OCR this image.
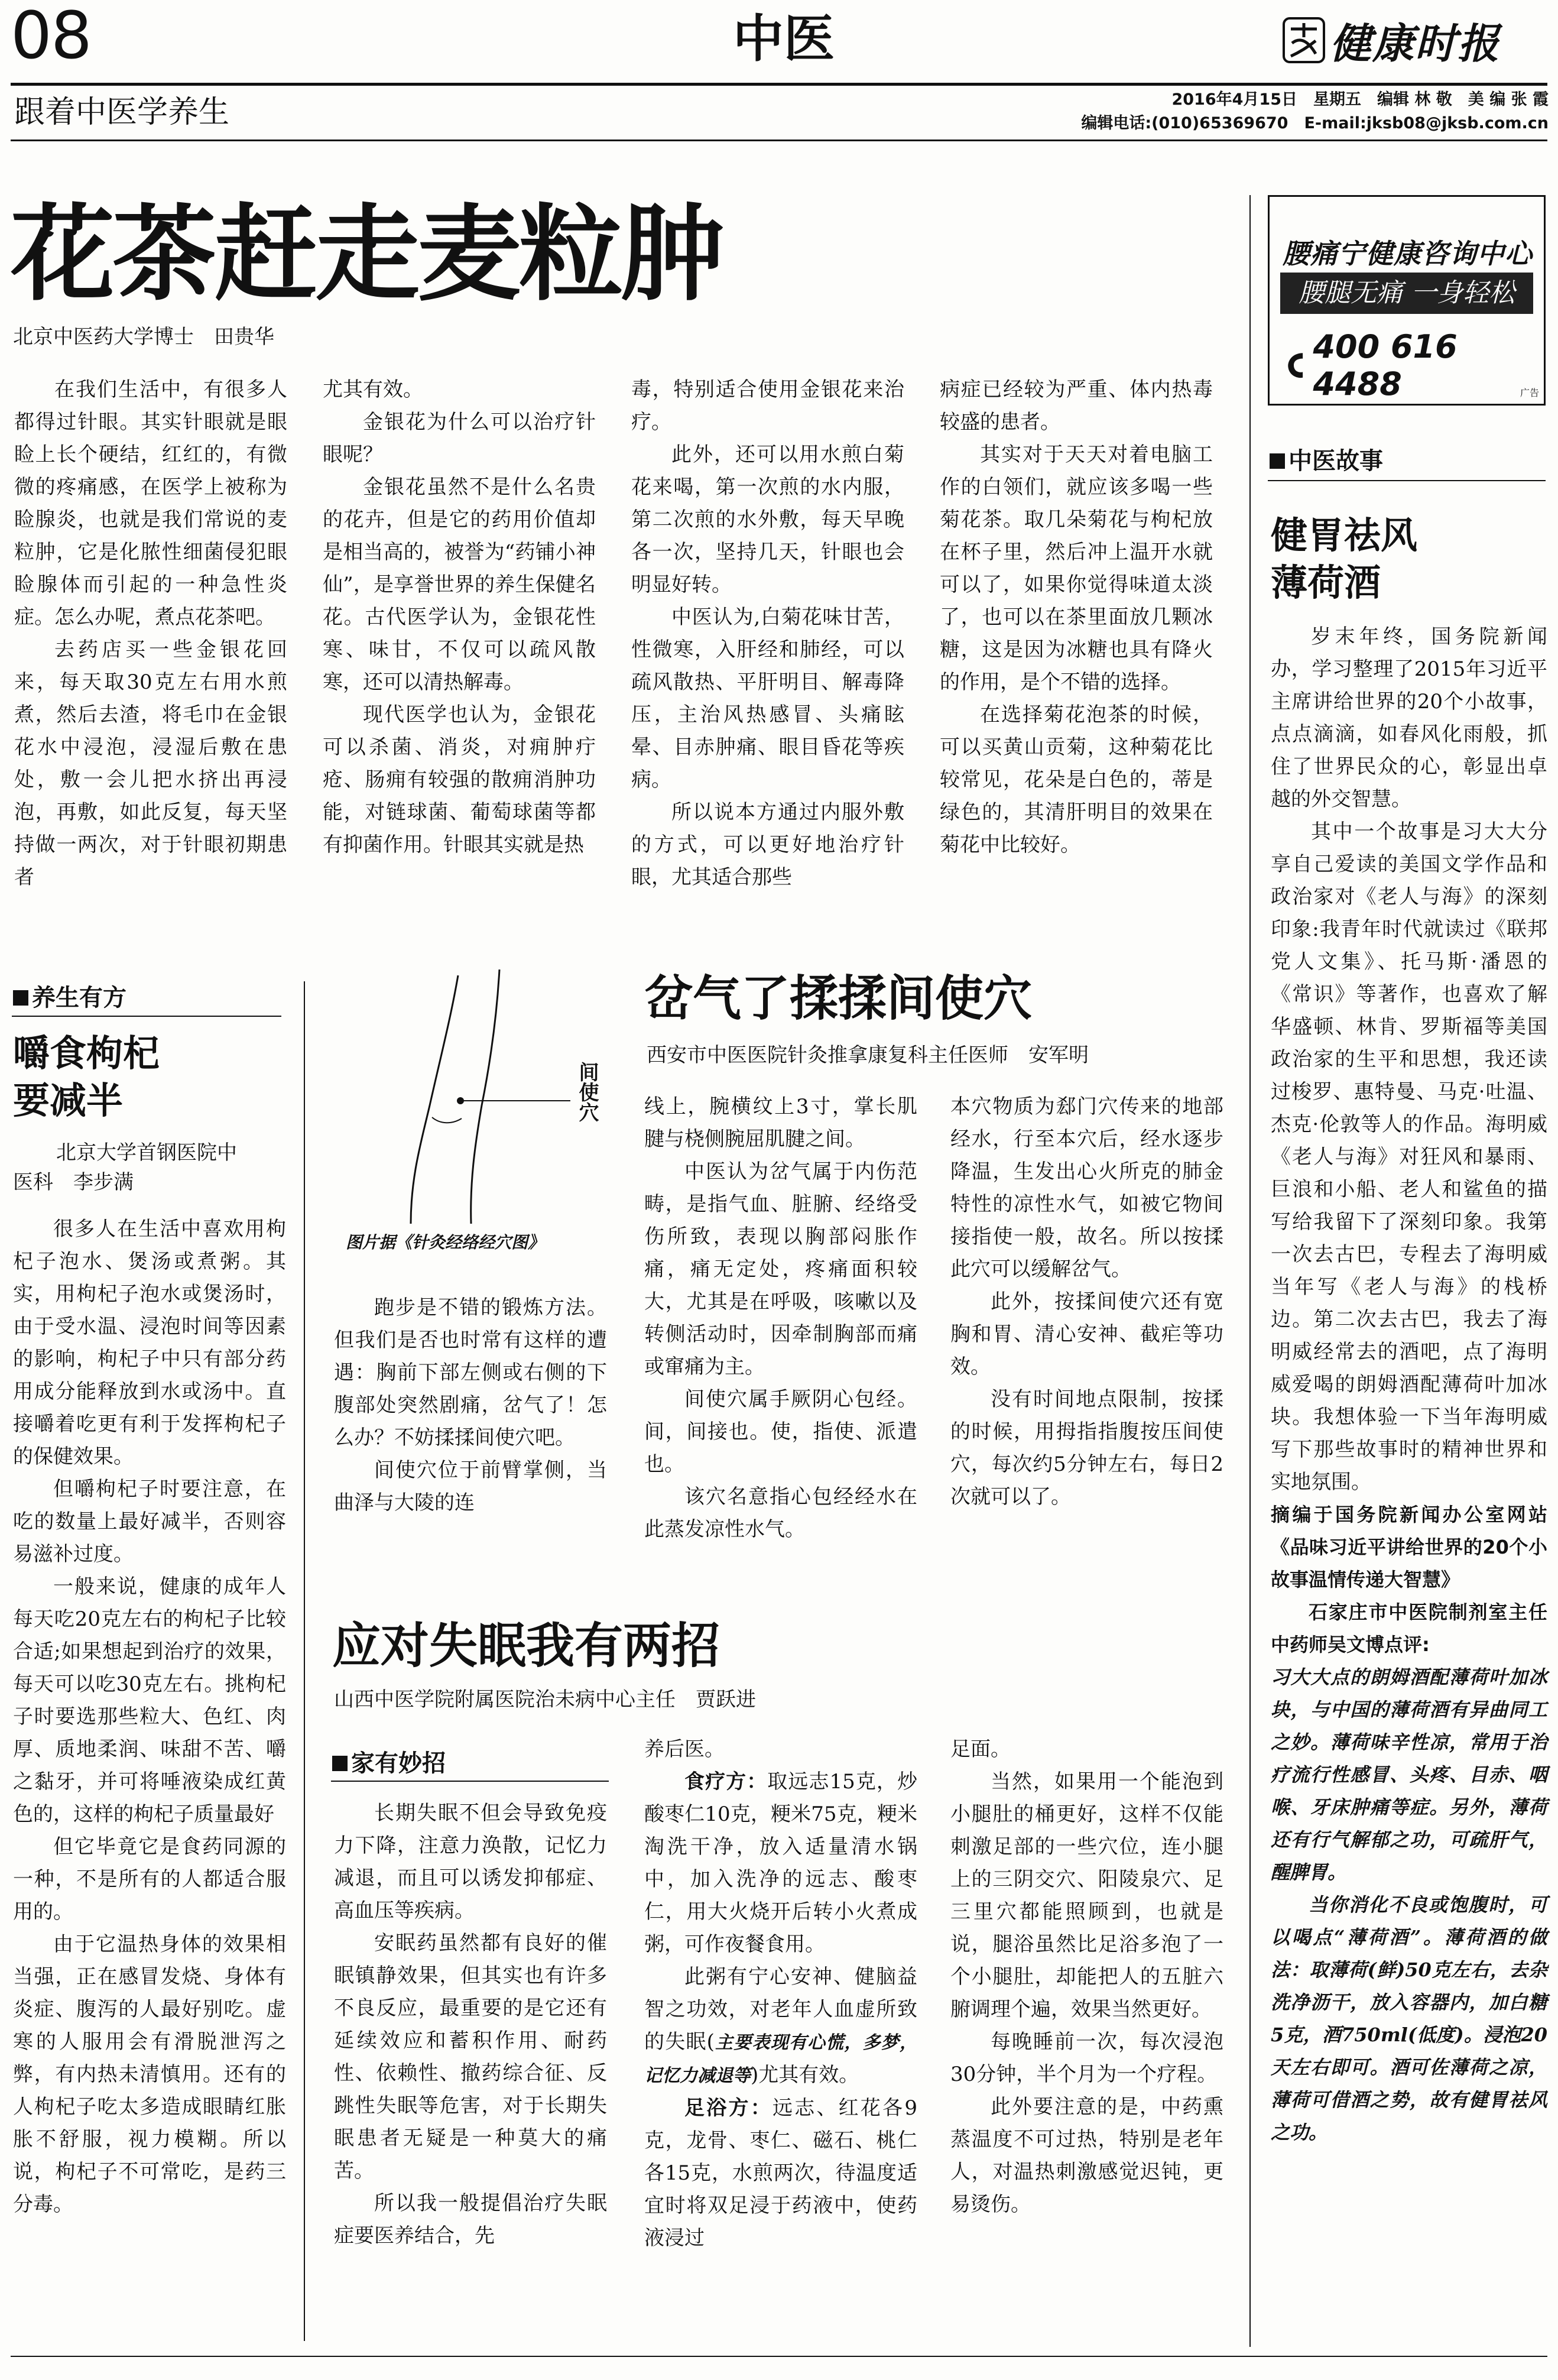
08	中医	健康时报
跟着中医学养生	2016年4月15日　星期五　编辑 林 敬　美 编 张 霞
编辑电话:(010)65369670　E-mail:jksb08@jksb.com.cn
花茶赶走麦粒肿
北京中医药大学博士　田贵华

在我们生活中，有很多人都得过针眼。其实针眼就是眼睑上长个硬结，红红的，有微微的疼痛感，在医学上被称为睑腺炎，也就是我们常说的麦粒肿，它是化脓性细菌侵犯眼睑腺体而引起的一种急性炎症。怎么办呢，煮点花茶吧。

去药店买一些金银花回来，每天取30克左右用水煎煮，然后去渣，将毛巾在金银花水中浸泡，浸湿后敷在患处，敷一会儿把水挤出再浸泡，再敷，如此反复，每天坚持做一两次，对于针眼初期患者

尤其有效。

金银花为什么可以治疗针眼呢？

金银花虽然不是什么名贵的花卉，但是它的药用价值却是相当高的，被誉为“药铺小神仙”，是享誉世界的养生保健名花。古代医学认为，金银花性寒、味甘，不仅可以疏风散寒，还可以清热解毒。

现代医学也认为，金银花可以杀菌、消炎，对痈肿疔疮、肠痈有较强的散痈消肿功能，对链球菌、葡萄球菌等都有抑菌作用。针眼其实就是热

毒，特别适合使用金银花来治疗。

此外，还可以用水煎白菊花来喝，第一次煎的水内服，第二次煎的水外敷，每天早晚各一次，坚持几天，针眼也会明显好转。

中医认为,白菊花味甘苦，性微寒，入肝经和肺经，可以疏风散热、平肝明目、解毒降压，主治风热感冒、头痛眩晕、目赤肿痛、眼目昏花等疾病。

所以说本方通过内服外敷的方式，可以更好地治疗针眼，尤其适合那些

病症已经较为严重、体内热毒较盛的患者。

其实对于天天对着电脑工作的白领们，就应该多喝一些菊花茶。取几朵菊花与枸杞放在杯子里，然后冲上温开水就可以了，如果你觉得味道太淡了，也可以在茶里面放几颗冰糖，这是因为冰糖也具有降火的作用，是个不错的选择。

在选择菊花泡茶的时候，可以买黄山贡菊，这种菊花比较常见，花朵是白色的，蒂是绿色的，其清肝明目的效果在菊花中比较好。

腰痛宁健康咨询中心
腰腿无痛 一身轻松
400 616 4488	广告
中医故事
健胃祛风
薄荷酒

岁末年终，国务院新闻办，学习整理了2015年习近平主席讲给世界的20个小故事，点点滴滴，如春风化雨般，抓住了世界民众的心，彰显出卓越的外交智慧。

其中一个故事是习大大分享自己爱读的美国文学作品和政治家对《老人与海》的深刻印象:我青年时代就读过《联邦党人文集》、托马斯·潘恩的《常识》等著作，也喜欢了解华盛顿、林肯、罗斯福等美国政治家的生平和思想，我还读过梭罗、惠特曼、马克·吐温、杰克·伦敦等人的作品。海明威《老人与海》对狂风和暴雨、巨浪和小船、老人和鲨鱼的描写给我留下了深刻印象。我第一次去古巴，专程去了海明威当年写《老人与海》的栈桥边。第二次去古巴，我去了海明威经常去的酒吧，点了海明威爱喝的朗姆酒配薄荷叶加冰块。我想体验一下当年海明威写下那些故事时的精神世界和实地氛围。

摘编于国务院新闻办公室网站《品味习近平讲给世界的20个小故事温情传递大智慧》

石家庄市中医院制剂室主任中药师吴文博点评:

习大大点的朗姆酒配薄荷叶加冰块，与中国的薄荷酒有异曲同工之妙。薄荷味辛性凉，常用于治疗流行性感冒、头疼、目赤、咽喉、牙床肿痛等症。另外，薄荷还有行气解郁之功，可疏肝气，醒脾胃。

当你消化不良或饱腹时，可以喝点“薄荷酒”。薄荷酒的做法：取薄荷(鲜)50克左右，去杂洗净沥干，放入容器内，加白糖5克，酒750ml(低度)。浸泡20天左右即可。酒可佐薄荷之凉，薄荷可借酒之势，故有健胃祛风之功。

养生有方
嚼食枸杞
要减半
北京大学首钢医院中
医科　李步满

很多人在生活中喜欢用枸杞子泡水、煲汤或煮粥。其实，用枸杞子泡水或煲汤时，由于受水温、浸泡时间等因素的影响，枸杞子中只有部分药用成分能释放到水或汤中。直接嚼着吃更有利于发挥枸杞子的保健效果。

但嚼枸杞子时要注意，在吃的数量上最好减半，否则容易滋补过度。

一般来说，健康的成年人每天吃20克左右的枸杞子比较合适;如果想起到治疗的效果，每天可以吃30克左右。挑枸杞子时要选那些粒大、色红、肉厚、质地柔润、味甜不苦、嚼之黏牙，并可将唾液染成红黄色的，这样的枸杞子质量最好

但它毕竟它是食药同源的一种，不是所有的人都适合服用的。

由于它温热身体的效果相当强，正在感冒发烧、身体有炎症、腹泻的人最好别吃。虚寒的人服用会有滑脱泄泻之弊，有内热未清慎用。还有的人枸杞子吃太多造成眼睛红胀胀不舒服，视力模糊。所以说，枸杞子不可常吃，是药三分毒。

间使穴
图片据《针灸经络经穴图》
岔气了揉揉间使穴
西安市中医医院针灸推拿康复科主任医师　安军明

跑步是不错的锻炼方法。但我们是否也时常有这样的遭遇：胸前下部左侧或右侧的下腹部处突然剧痛，岔气了！怎么办？不妨揉揉间使穴吧。

间使穴位于前臂掌侧，当曲泽与大陵的连

线上，腕横纹上3寸，掌长肌腱与桡侧腕屈肌腱之间。

中医认为岔气属于内伤范畴，是指气血、脏腑、经络受伤所致，表现以胸部闷胀作痛，痛无定处，疼痛面积较大，尤其是在呼吸，咳嗽以及转侧活动时，因牵制胸部而痛或窜痛为主。

间使穴属手厥阴心包经。间，间接也。使，指使、派遣也。

该穴名意指心包经经水在此蒸发凉性水气。

本穴物质为郄门穴传来的地部经水，行至本穴后，经水逐步降温，生发出心火所克的肺金特性的凉性水气，如被它物间接指使一般，故名。所以按揉此穴可以缓解岔气。

此外，按揉间使穴还有宽胸和胃、清心安神、截疟等功效。

没有时间地点限制，按揉的时候，用拇指指腹按压间使穴，每次约5分钟左右，每日2次就可以了。

应对失眠我有两招
山西中医学院附属医院治未病中心主任　贾跃进
家有妙招

长期失眠不但会导致免疫力下降，注意力涣散，记忆力减退，而且可以诱发抑郁症、高血压等疾病。

安眠药虽然都有良好的催眠镇静效果，但其实也有许多不良反应，最重要的是它还有延续效应和蓄积作用、耐药性、依赖性、撤药综合征、反跳性失眠等危害，对于长期失眠患者无疑是一种莫大的痛苦。

所以我一般提倡治疗失眠症要医养结合，先

养后医。

食疗方：取远志15克，炒酸枣仁10克，粳米75克，粳米淘洗干净，放入适量清水锅中，加入洗净的远志、酸枣仁，用大火烧开后转小火煮成粥，可作夜餐食用。

此粥有宁心安神、健脑益智之功效，对老年人血虚所致的失眠(主要表现有心慌，多梦，记忆力减退等)尤其有效。

足浴方：远志、红花各9克，龙骨、枣仁、磁石、桃仁各15克，水煎两次，待温度适宜时将双足浸于药液中，使药液浸过

足面。

当然，如果用一个能泡到小腿肚的桶更好，这样不仅能刺激足部的一些穴位，连小腿上的三阴交穴、阳陵泉穴、足三里穴都能照顾到，也就是说，腿浴虽然比足浴多泡了一个小腿肚，却能把人的五脏六腑调理个遍，效果当然更好。

每晚睡前一次，每次浸泡30分钟，半个月为一个疗程。

此外要注意的是，中药熏蒸温度不可过热，特别是老年人，对温热刺激感觉迟钝，更易烫伤。
